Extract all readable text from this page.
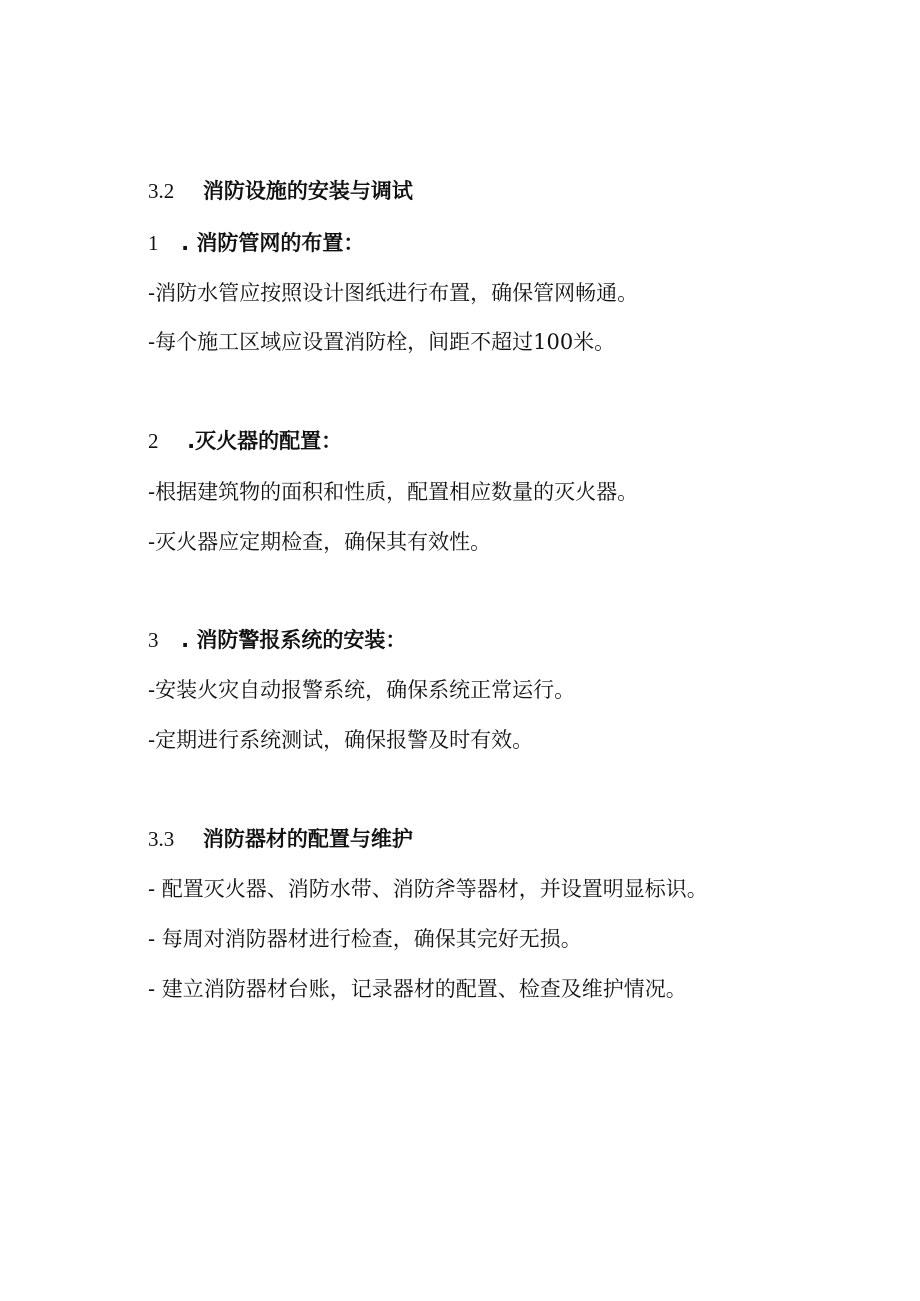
3.2 消防设施的安装与调试
1 . 消防管网的布置：
-消防水管应按照设计图纸进行布置，确保管网畅通。
-每个施工区域应设置消防栓，间距不超过100米。
2 .灭火器的配置：
-根据建筑物的面积和性质，配置相应数量的灭火器。
-灭火器应定期检查，确保其有效性。
3 . 消防警报系统的安装：
-安装火灾自动报警系统，确保系统正常运行。
-定期进行系统测试，确保报警及时有效。
3.3 消防器材的配置与维护
- 配置灭火器、消防水带、消防斧等器材，并设置明显标识。
- 每周对消防器材进行检查，确保其完好无损。
- 建立消防器材台账，记录器材的配置、检查及维护情况。
